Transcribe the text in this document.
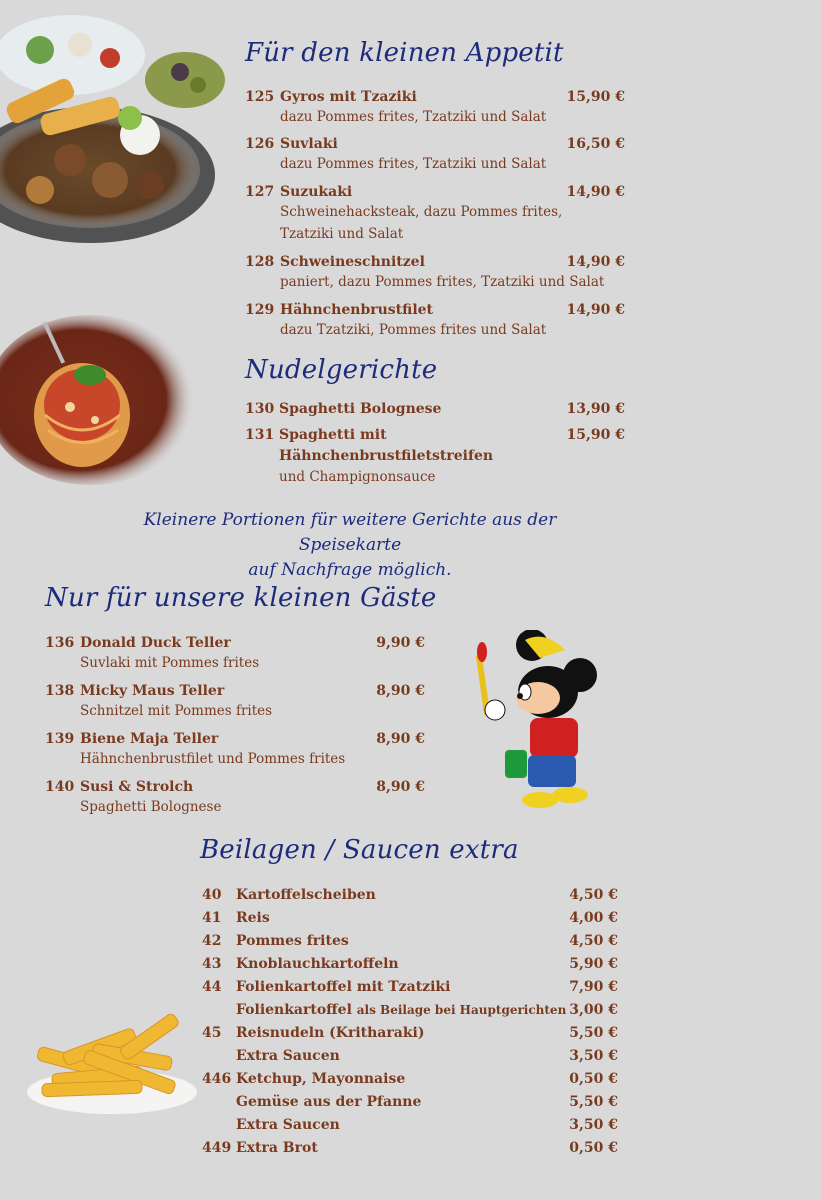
Für den kleinen Appetit
125 Gyros mit Tzaziki
dazu Pommes frites, Tzatziki und Salat
15,90 €
126 Suvlaki
dazu Pommes frites, Tzatziki und Salat
16,50 €
127 Suzukaki
Schweinehacksteak, dazu Pommes frites,
Tzatziki und Salat
14,90 €
128 Schweineschnitzel
paniert, dazu Pommes frites, Tzatziki und Salat
14,90 €
129 Hähnchenbrustfilet
dazu Tzatziki, Pommes frites und Salat
14,90 €
Nudelgerichte
130 Spaghetti Bolognese	13,90 €
131 Spaghetti mit
Hähnchenbrustfiletstreifen
und Champignonsauce
15,90 €
Kleinere Portionen für weitere Gerichte aus der Speisekarte
auf Nachfrage möglich.
Nur für unsere kleinen Gäste
136 Donald Duck Teller
Suvlaki mit Pommes frites
9,90 €
138 Micky Maus Teller
Schnitzel mit Pommes frites
8,90 €
139 Biene Maja Teller
Hähnchenbrustfilet und Pommes frites
8,90 €
140 Susi & Strolch
Spaghetti Bolognese
8,90 €
Beilagen / Saucen extra
40 Kartoffelscheiben	4,50 €
41 Reis	4,00 €
42 Pommes frites	4,50 €
43 Knoblauchkartoffeln	5,90 €
44 Folienkartoffel mit Tzatziki	7,90 €
Folienkartoffel als Beilage bei Hauptgerichten 3,00 €
45 Reisnudeln (Kritharaki)	5,50 €
Extra Saucen	3,50 €
446 Ketchup, Mayonnaise	0,50 €
Gemüse aus der Pfanne	5,50 €
Extra Saucen	3,50 €
449 Extra Brot	0,50 €
